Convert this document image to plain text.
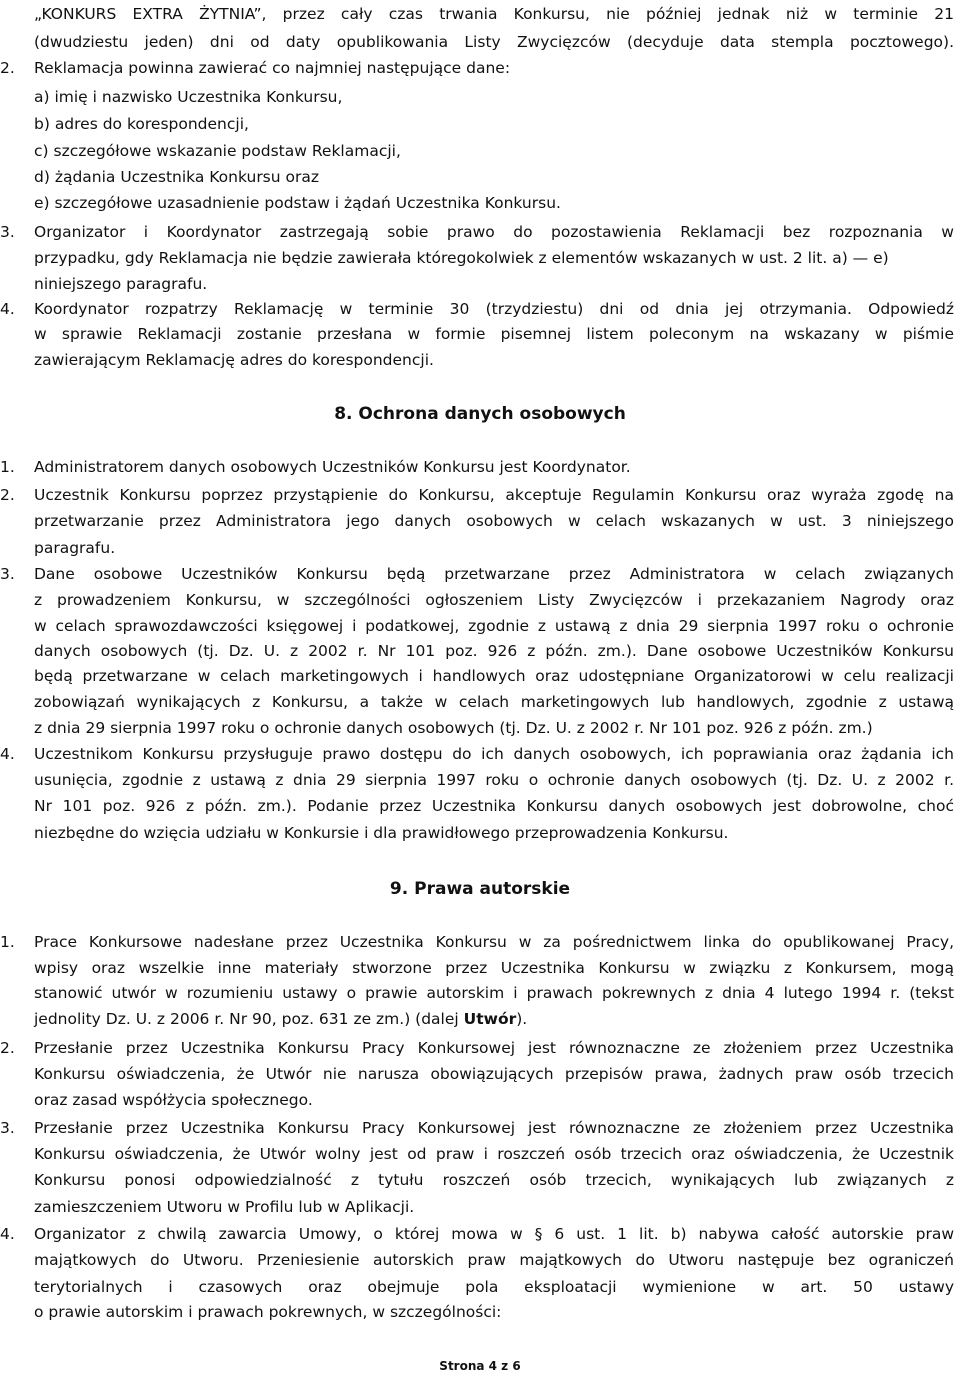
„KONKURS EXTRA ŻYTNIA”, przez cały czas trwania Konkursu, nie później jednak niż w terminie 21
(dwudziestu jeden) dni od daty opublikowania Listy Zwycięzców (decyduje data stempla pocztowego).
2. Reklamacja powinna zawierać co najmniej następujące dane:
a) imię i nazwisko Uczestnika Konkursu,
b) adres do korespondencji,
c) szczegółowe wskazanie podstaw Reklamacji,
d) żądania Uczestnika Konkursu oraz
e) szczegółowe uzasadnienie podstaw i żądań Uczestnika Konkursu.
3. Organizator i Koordynator zastrzegają sobie prawo do pozostawienia Reklamacji bez rozpoznania w
przypadku, gdy Reklamacja nie będzie zawierała któregokolwiek z elementów wskazanych w ust. 2 lit. a) — e)
niniejszego paragrafu.
4. Koordynator rozpatrzy Reklamację w terminie 30 (trzydziestu) dni od dnia jej otrzymania. Odpowiedź
w sprawie Reklamacji zostanie przesłana w formie pisemnej listem poleconym na wskazany w piśmie
zawierającym Reklamację adres do korespondencji.
8. Ochrona danych osobowych
1. Administratorem danych osobowych Uczestników Konkursu jest Koordynator.
2. Uczestnik Konkursu poprzez przystąpienie do Konkursu, akceptuje Regulamin Konkursu oraz wyraża zgodę na
przetwarzanie przez Administratora jego danych osobowych w celach wskazanych w ust. 3 niniejszego
paragrafu.
3. Dane osobowe Uczestników Konkursu będą przetwarzane przez Administratora w celach związanych
z prowadzeniem Konkursu, w szczególności ogłoszeniem Listy Zwycięzców i przekazaniem Nagrody oraz
w celach sprawozdawczości księgowej i podatkowej, zgodnie z ustawą z dnia 29 sierpnia 1997 roku o ochronie
danych osobowych (tj. Dz. U. z 2002 r. Nr 101 poz. 926 z późn. zm.). Dane osobowe Uczestników Konkursu
będą przetwarzane w celach marketingowych i handlowych oraz udostępniane Organizatorowi w celu realizacji
zobowiązań wynikających z Konkursu, a także w celach marketingowych lub handlowych, zgodnie z ustawą
z dnia 29 sierpnia 1997 roku o ochronie danych osobowych (tj. Dz. U. z 2002 r. Nr 101 poz. 926 z późn. zm.)
4. Uczestnikom Konkursu przysługuje prawo dostępu do ich danych osobowych, ich poprawiania oraz żądania ich
usunięcia, zgodnie z ustawą z dnia 29 sierpnia 1997 roku o ochronie danych osobowych (tj. Dz. U. z 2002 r.
Nr 101 poz. 926 z późn. zm.). Podanie przez Uczestnika Konkursu danych osobowych jest dobrowolne, choć
niezbędne do wzięcia udziału w Konkursie i dla prawidłowego przeprowadzenia Konkursu.
9. Prawa autorskie
1. Prace Konkursowe nadesłane przez Uczestnika Konkursu w za pośrednictwem linka do opublikowanej Pracy,
wpisy oraz wszelkie inne materiały stworzone przez Uczestnika Konkursu w związku z Konkursem, mogą
stanowić utwór w rozumieniu ustawy o prawie autorskim i prawach pokrewnych z dnia 4 lutego 1994 r. (tekst
jednolity Dz. U. z 2006 r. Nr 90, poz. 631 ze zm.) (dalej Utwór).
2. Przesłanie przez Uczestnika Konkursu Pracy Konkursowej jest równoznaczne ze złożeniem przez Uczestnika
Konkursu oświadczenia, że Utwór nie narusza obowiązujących przepisów prawa, żadnych praw osób trzecich
oraz zasad współżycia społecznego.
3. Przesłanie przez Uczestnika Konkursu Pracy Konkursowej jest równoznaczne ze złożeniem przez Uczestnika
Konkursu oświadczenia, że Utwór wolny jest od praw i roszczeń osób trzecich oraz oświadczenia, że Uczestnik
Konkursu ponosi odpowiedzialność z tytułu roszczeń osób trzecich, wynikających lub związanych z
zamieszczeniem Utworu w Profilu lub w Aplikacji.
4. Organizator z chwilą zawarcia Umowy, o której mowa w § 6 ust. 1 lit. b) nabywa całość autorskie praw
majątkowych do Utworu. Przeniesienie autorskich praw majątkowych do Utworu następuje bez ograniczeń
terytorialnych i czasowych oraz obejmuje pola eksploatacji wymienione w art. 50 ustawy
o prawie autorskim i prawach pokrewnych, w szczególności:
Strona 4 z 6
